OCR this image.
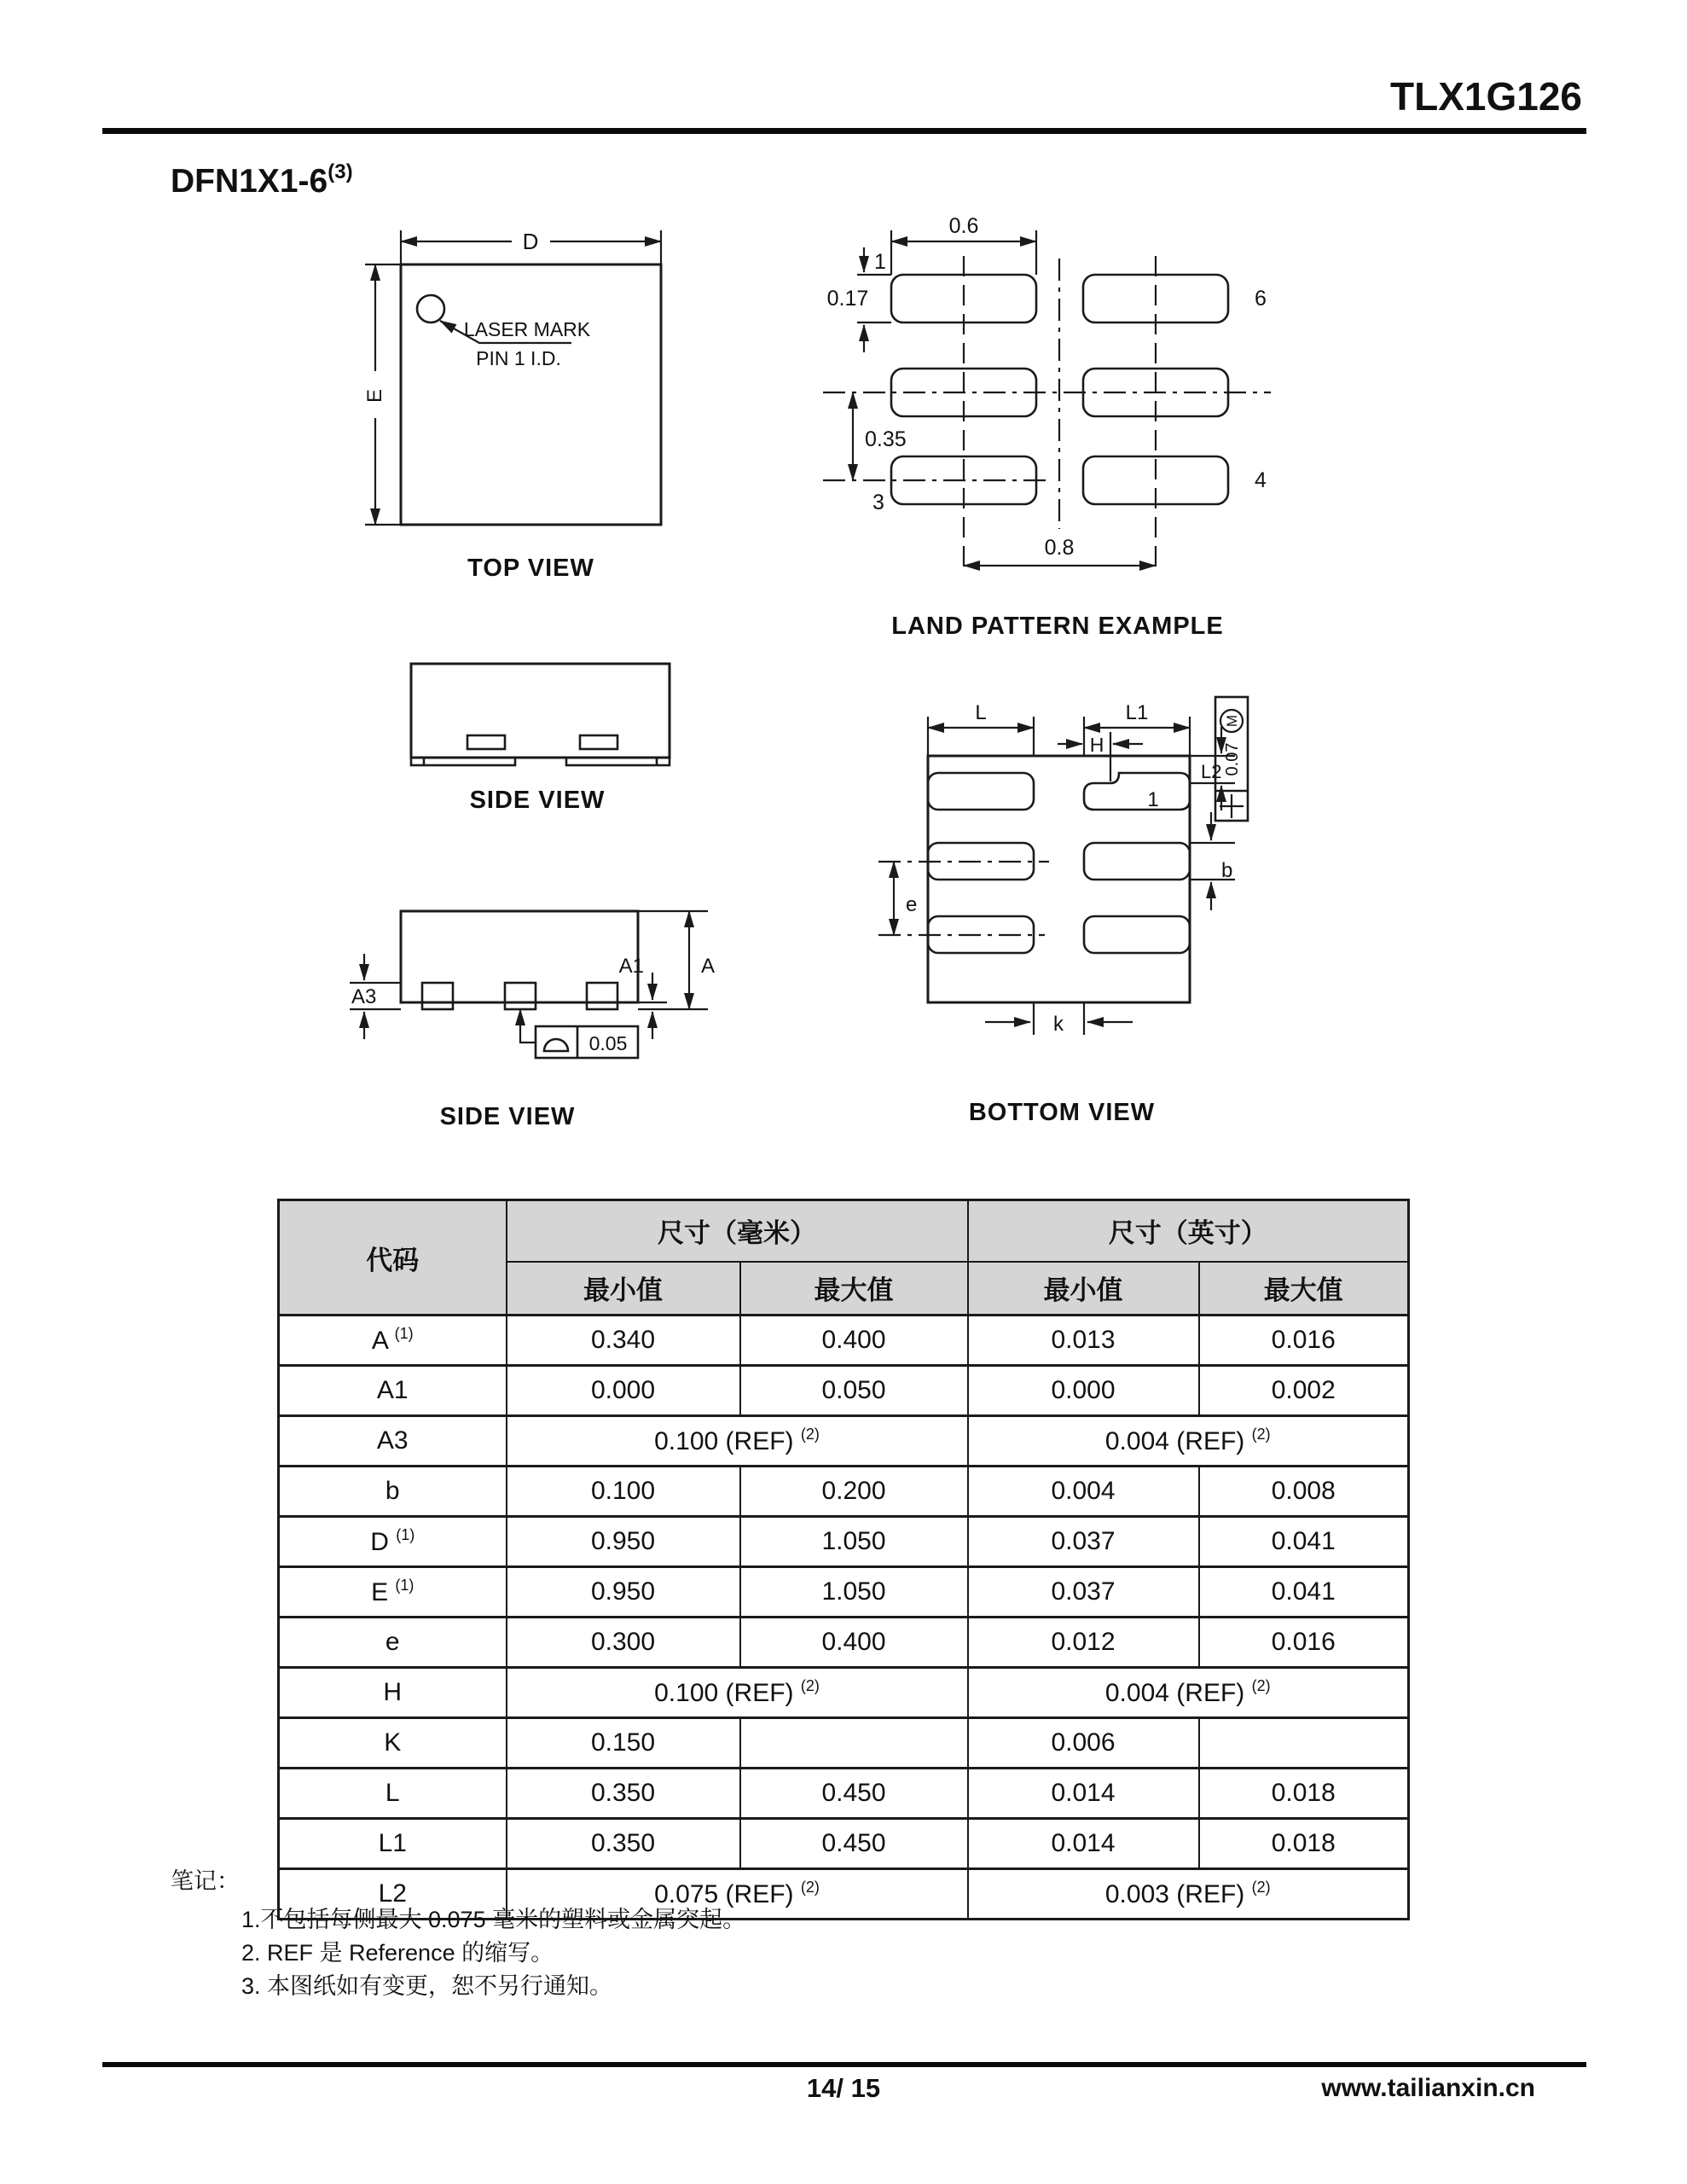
TLX1G126
DFN1X1-6$^{(3)}$
D
E
LASER MARK
PIN 1 I.D.
TOP VIEW
0.6
0.17
1
0.35
3
6
4
0.8
LAND PATTERN EXAMPLE
SIDE VIEW
A
A1
A3
0.05
SIDE VIEW
1
L	L1
H
L2
M
0.07
b
e
k
BOTTOM VIEW
代码	尺寸（毫米）		尺寸（英寸）	
	最小值	最大值	最小值	最大值
A $^{(1)}$	0.340	0.400	0.013	0.016
A1	0.000	0.050	0.000	0.002
A3	0.100 (REF) $^{(2)}$		0.004 (REF) $^{(2)}$
b	0.100	0.200	0.004	0.008
D $^{(1)}$	0.950	1.050	0.037	0.041
E $^{(1)}$	0.950	1.050	0.037	0.041
e	0.300	0.400	0.012	0.016
H	0.100 (REF) $^{(2)}$		0.004 (REF) $^{(2)}$
K	0.150		0.006	
L	0.350	0.450	0.014	0.018
L1	0.350	0.450	0.014	0.018
L2	0.075 (REF) $^{(2)}$		0.003 (REF) $^{(2)}$
笔记：
1.不包括每侧最大 0.075 毫米的塑料或金属突起。
2. REF 是 Reference 的缩写。
3. 本图纸如有变更，恕不另行通知。
14/ 15	www.tailianxin.cn
